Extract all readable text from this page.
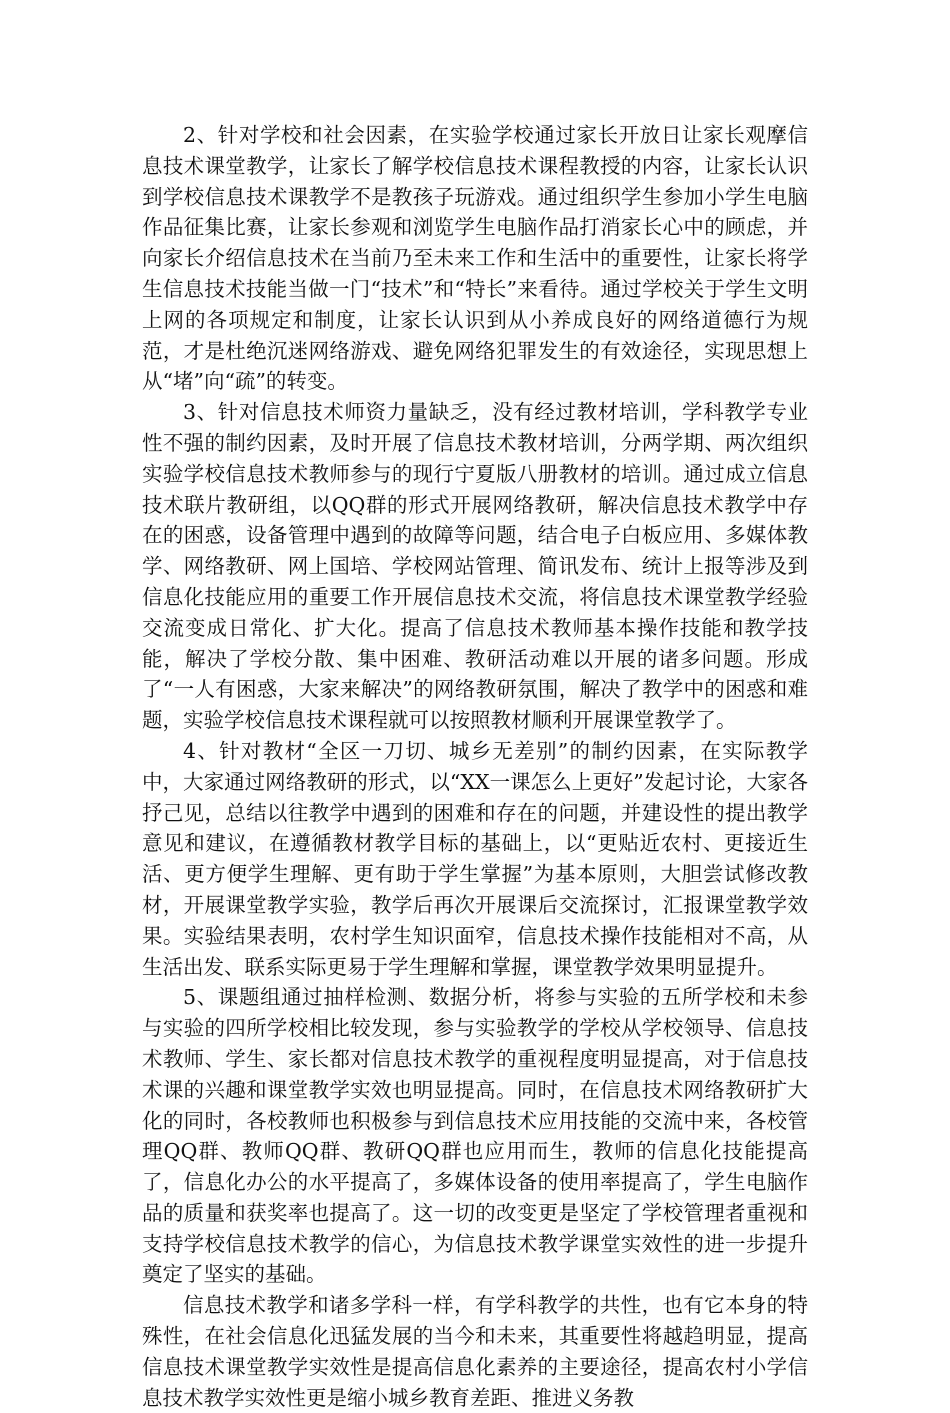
2、针对学校和社会因素，在实验学校通过家长开放日让家长观摩信息技术课堂教学，让家长了解学校信息技术课程教授的内容，让家长认识到学校信息技术课教学不是教孩子玩游戏。通过组织学生参加小学生电脑作品征集比赛，让家长参观和浏览学生电脑作品打消家长心中的顾虑，并向家长介绍信息技术在当前乃至未来工作和生活中的重要性，让家长将学生信息技术技能当做一门“技术”和“特长”来看待。通过学校关于学生文明上网的各项规定和制度，让家长认识到从小养成良好的网络道德行为规范，才是杜绝沉迷网络游戏、避免网络犯罪发生的有效途径，实现思想上从“堵”向“疏”的转变。

3、针对信息技术师资力量缺乏，没有经过教材培训，学科教学专业性不强的制约因素，及时开展了信息技术教材培训，分两学期、两次组织实验学校信息技术教师参与的现行宁夏版八册教材的培训。通过成立信息技术联片教研组，以QQ群的形式开展网络教研，解决信息技术教学中存在的困惑，设备管理中遇到的故障等问题，结合电子白板应用、多媒体教学、网络教研、网上国培、学校网站管理、简讯发布、统计上报等涉及到信息化技能应用的重要工作开展信息技术交流，将信息技术课堂教学经验交流变成日常化、扩大化。提高了信息技术教师基本操作技能和教学技能，解决了学校分散、集中困难、教研活动难以开展的诸多问题。形成了“一人有困惑，大家来解决”的网络教研氛围，解决了教学中的困惑和难题，实验学校信息技术课程就可以按照教材顺利开展课堂教学了。

4、针对教材“全区一刀切、城乡无差别”的制约因素，在实际教学中，大家通过网络教研的形式，以“XX一课怎么上更好”发起讨论，大家各抒己见，总结以往教学中遇到的困难和存在的问题，并建设性的提出教学意见和建议，在遵循教材教学目标的基础上，以“更贴近农村、更接近生活、更方便学生理解、更有助于学生掌握”为基本原则，大胆尝试修改教材，开展课堂教学实验，教学后再次开展课后交流探讨，汇报课堂教学效果。实验结果表明，农村学生知识面窄，信息技术操作技能相对不高，从生活出发、联系实际更易于学生理解和掌握，课堂教学效果明显提升。

5、课题组通过抽样检测、数据分析，将参与实验的五所学校和未参与实验的四所学校相比较发现，参与实验教学的学校从学校领导、信息技术教师、学生、家长都对信息技术教学的重视程度明显提高，对于信息技术课的兴趣和课堂教学实效也明显提高。同时，在信息技术网络教研扩大化的同时，各校教师也积极参与到信息技术应用技能的交流中来，各校管理QQ群、教师QQ群、教研QQ群也应用而生，教师的信息化技能提高了，信息化办公的水平提高了，多媒体设备的使用率提高了，学生电脑作品的质量和获奖率也提高了。这一切的改变更是坚定了学校管理者重视和支持学校信息技术教学的信心，为信息技术教学课堂实效性的进一步提升奠定了坚实的基础。

信息技术教学和诸多学科一样，有学科教学的共性，也有它本身的特殊性，在社会信息化迅猛发展的当今和未来，其重要性将越趋明显，提高信息技术课堂教学实效性是提高信息化素养的主要途径，提高农村小学信息技术教学实效性更是缩小城乡教育差距、推进义务教
